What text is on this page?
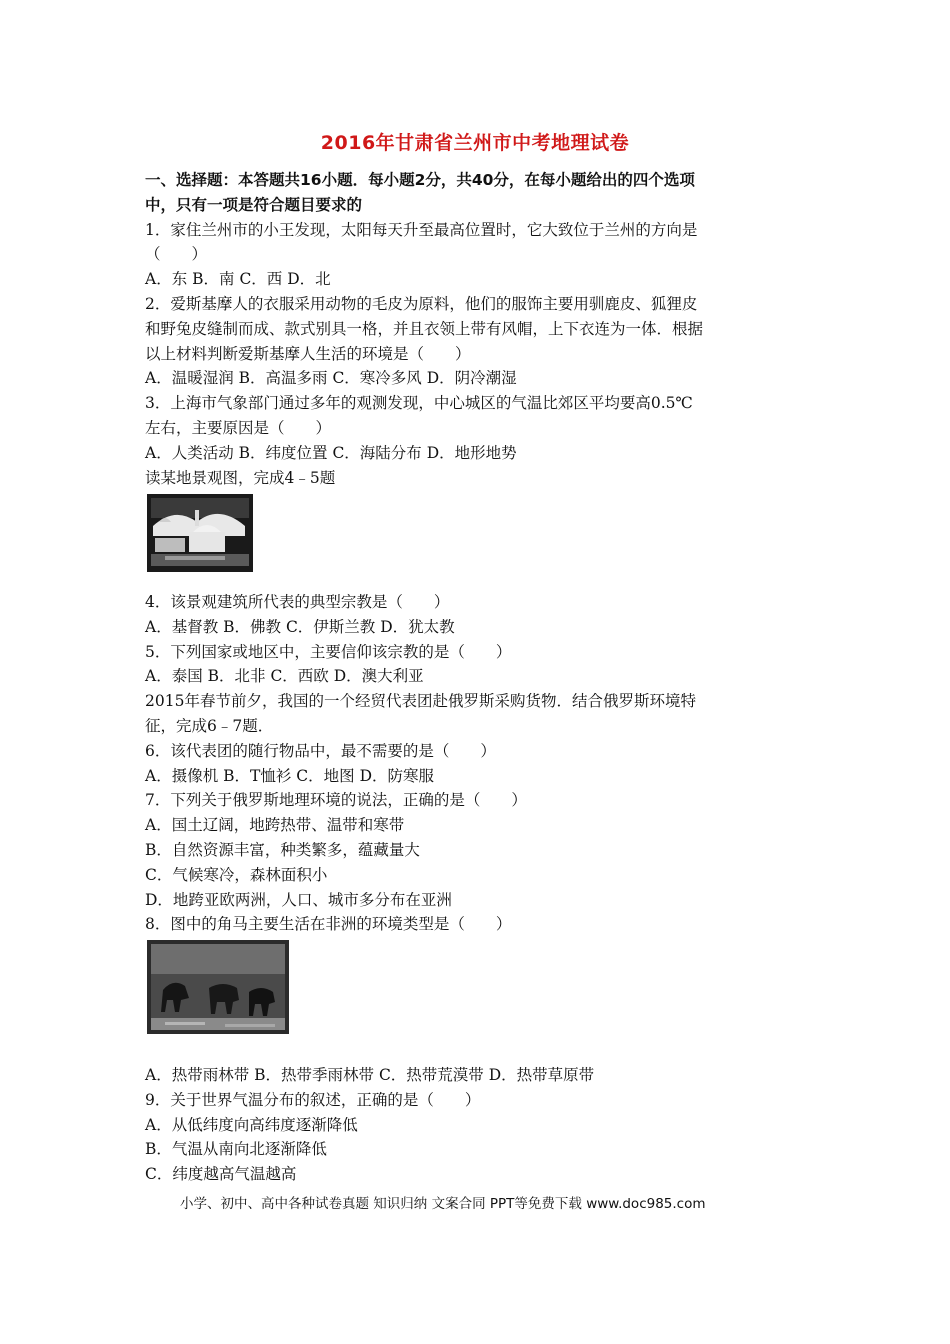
2016年甘肃省兰州市中考地理试卷
一、选择题：本答题共16小题．每小题2分，共40分，在每小题给出的四个选项
中，只有一项是符合题目要求的
1．家住兰州市的小王发现，太阳每天升至最高位置时，它大致位于兰州的方向是
（　　）
A．东 B．南 C．西 D．北
2．爱斯基摩人的衣服采用动物的毛皮为原料，他们的服饰主要用驯鹿皮、狐狸皮
和野兔皮缝制而成、款式别具一格，并且衣领上带有风帽，上下衣连为一体．根据
以上材料判断爱斯基摩人生活的环境是（　　）
A．温暖湿润 B．高温多雨 C．寒冷多风 D．阴冷潮湿
3．上海市气象部门通过多年的观测发现，中心城区的气温比郊区平均要高0.5℃
左右，主要原因是（　　）
A．人类活动 B．纬度位置 C．海陆分布 D．地形地势
读某地景观图，完成4﹣5题
4．该景观建筑所代表的典型宗教是（　　）
A．基督教 B．佛教 C．伊斯兰教 D．犹太教
5．下列国家或地区中，主要信仰该宗教的是（　　）
A．泰国 B．北非 C．西欧 D．澳大利亚
2015年春节前夕，我国的一个经贸代表团赴俄罗斯采购货物．结合俄罗斯环境特
征，完成6﹣7题．
6．该代表团的随行物品中，最不需要的是（　　）
A．摄像机 B．T恤衫 C．地图 D．防寒服
7．下列关于俄罗斯地理环境的说法，正确的是（　　）
A．国土辽阔，地跨热带、温带和寒带
B．自然资源丰富，种类繁多，蕴藏量大
C．气候寒冷，森林面积小
D．地跨亚欧两洲，人口、城市多分布在亚洲
8．图中的角马主要生活在非洲的环境类型是（　　）
A．热带雨林带 B．热带季雨林带 C．热带荒漠带 D．热带草原带
9．关于世界气温分布的叙述，正确的是（　　）
A．从低纬度向高纬度逐渐降低
B．气温从南向北逐渐降低
C．纬度越高气温越高
小学、初中、高中各种试卷真题 知识归纳 文案合同 PPT等免费下载 www.doc985.com
